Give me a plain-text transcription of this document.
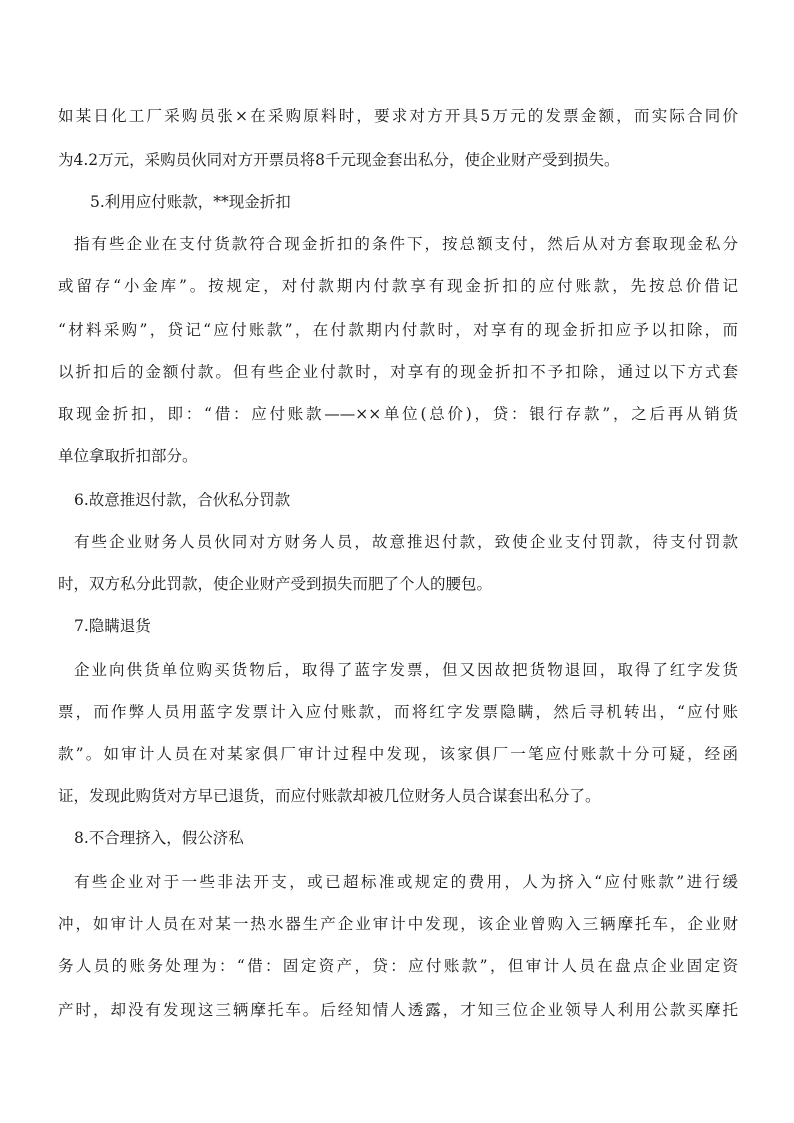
如某日化工厂采购员张×在采购原料时，要求对方开具5万元的发票金额，而实际合同价
为4.2万元，采购员伙同对方开票员将8千元现金套出私分，使企业财产受到损失。
5.利用应付账款，**现金折扣
指有些企业在支付货款符合现金折扣的条件下，按总额支付，然后从对方套取现金私分
或留存“小金库”。按规定，对付款期内付款享有现金折扣的应付账款，先按总价借记
“材料采购”，贷记“应付账款”，在付款期内付款时，对享有的现金折扣应予以扣除，而
以折扣后的金额付款。但有些企业付款时，对享有的现金折扣不予扣除，通过以下方式套
取现金折扣，即：“借：应付账款——××单位(总价)，贷：银行存款”，之后再从销货
单位拿取折扣部分。
6.故意推迟付款，合伙私分罚款
有些企业财务人员伙同对方财务人员，故意推迟付款，致使企业支付罚款，待支付罚款
时，双方私分此罚款，使企业财产受到损失而肥了个人的腰包。
7.隐瞒退货
企业向供货单位购买货物后，取得了蓝字发票，但又因故把货物退回，取得了红字发货
票，而作弊人员用蓝字发票计入应付账款，而将红字发票隐瞒，然后寻机转出，“应付账
款”。如审计人员在对某家俱厂审计过程中发现，该家俱厂一笔应付账款十分可疑，经函
证，发现此购货对方早已退货，而应付账款却被几位财务人员合谋套出私分了。
8.不合理挤入，假公济私
有些企业对于一些非法开支，或已超标准或规定的费用，人为挤入“应付账款”进行缓
冲，如审计人员在对某一热水器生产企业审计中发现，该企业曾购入三辆摩托车，企业财
务人员的账务处理为：“借：固定资产，贷：应付账款”，但审计人员在盘点企业固定资
产时，却没有发现这三辆摩托车。后经知情人透露，才知三位企业领导人利用公款买摩托
